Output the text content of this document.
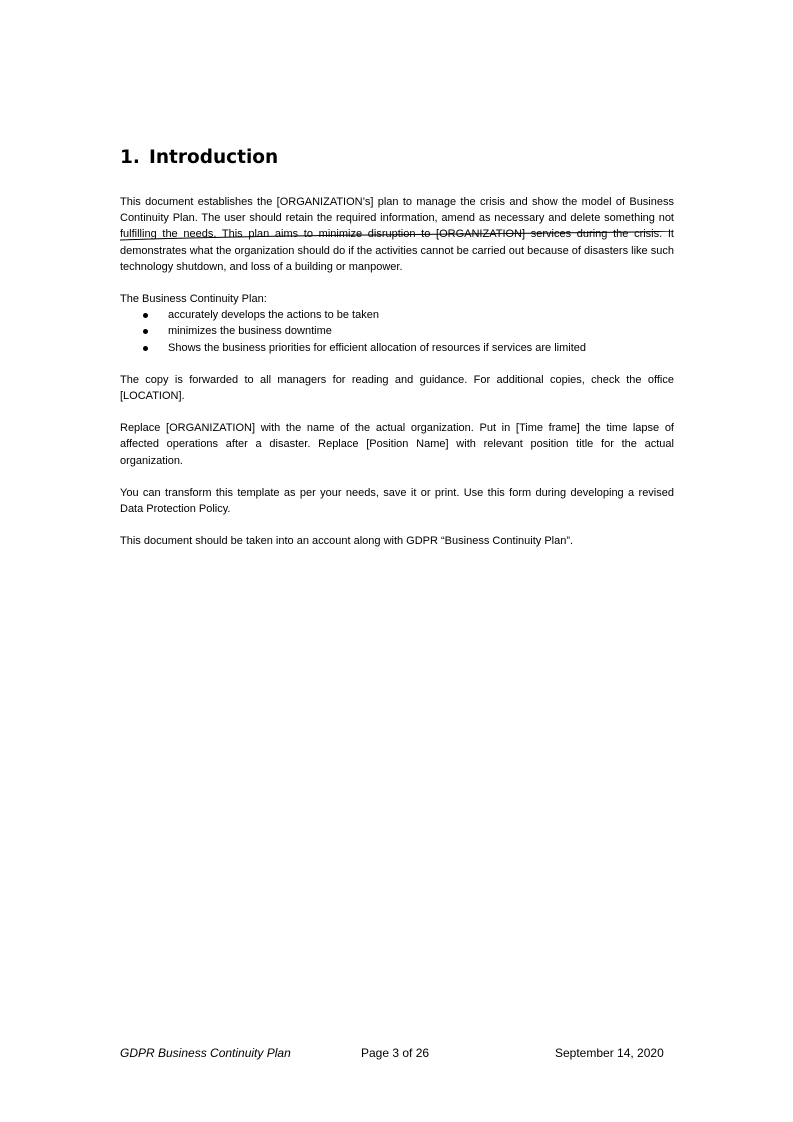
1. Introduction

This document establishes the [ORGANIZATION’s] plan to manage the crisis and show the model of Business Continuity Plan. The user should retain the required information, amend as necessary and delete something not fulfilling the needs. This plan aims to minimize disruption to [ORGANIZATION] services during the crisis. It demonstrates what the organization should do if the activities cannot be carried out because of disasters like such technology shutdown, and loss of a building or manpower.

The Business Continuity Plan:

accurately develops the actions to be taken
minimizes the business downtime
Shows the business priorities for efficient allocation of resources if services are limited

The copy is forwarded to all managers for reading and guidance. For additional copies, check the office [LOCATION].

Replace [ORGANIZATION] with the name of the actual organization. Put in [Time frame] the time lapse of affected operations after a disaster. Replace [Position Name] with relevant position title for the actual organization.

You can transform this template as per your needs, save it or print. Use this form during developing a revised Data Protection Policy.

This document should be taken into an account along with GDPR “Business Continuity Plan”.

GDPR Business Continuity Plan	Page 3 of 26	September 14, 2020
